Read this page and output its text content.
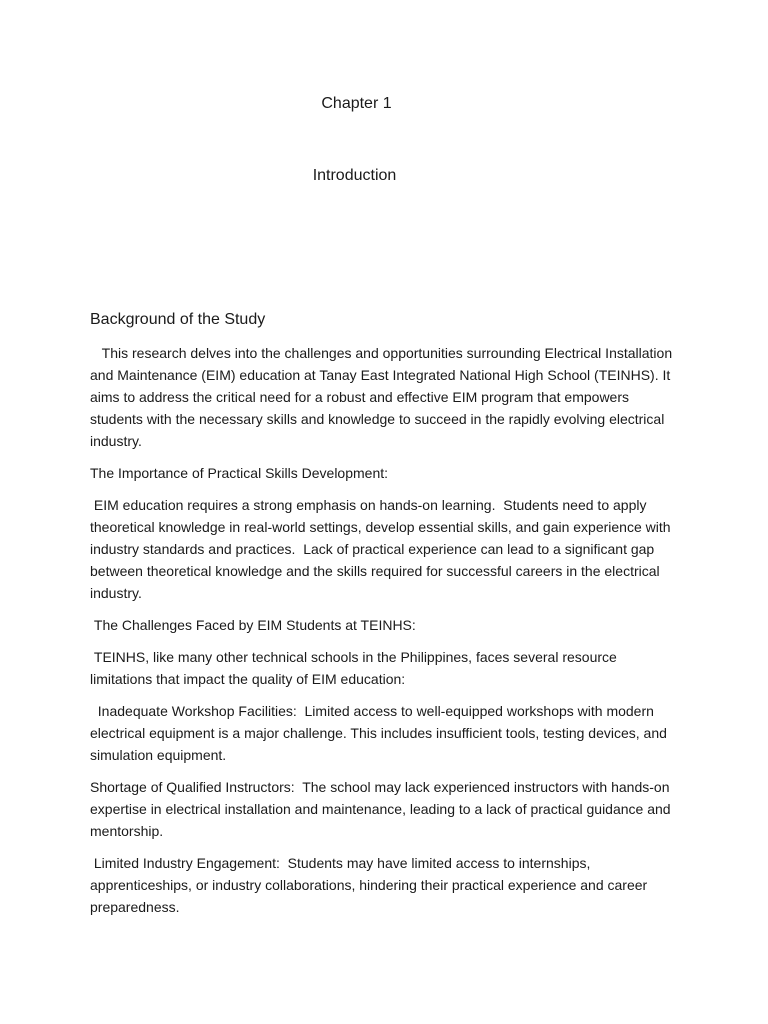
Chapter 1
Introduction
Background of the Study

This research delves into the challenges and opportunities surrounding Electrical Installation and Maintenance (EIM) education at Tanay East Integrated National High School (TEINHS). It aims to address the critical need for a robust and effective EIM program that empowers students with the necessary skills and knowledge to succeed in the rapidly evolving electrical industry.

The Importance of Practical Skills Development:

EIM education requires a strong emphasis on hands-on learning.  Students need to apply theoretical knowledge in real-world settings, develop essential skills, and gain experience with industry standards and practices.  Lack of practical experience can lead to a significant gap between theoretical knowledge and the skills required for successful careers in the electrical industry.

The Challenges Faced by EIM Students at TEINHS:

TEINHS, like many other technical schools in the Philippines, faces several resource limitations that impact the quality of EIM education:

Inadequate Workshop Facilities:  Limited access to well-equipped workshops with modern electrical equipment is a major challenge. This includes insufficient tools, testing devices, and simulation equipment.

Shortage of Qualified Instructors:  The school may lack experienced instructors with hands-on expertise in electrical installation and maintenance, leading to a lack of practical guidance and mentorship.

Limited Industry Engagement:  Students may have limited access to internships, apprenticeships, or industry collaborations, hindering their practical experience and career preparedness.
